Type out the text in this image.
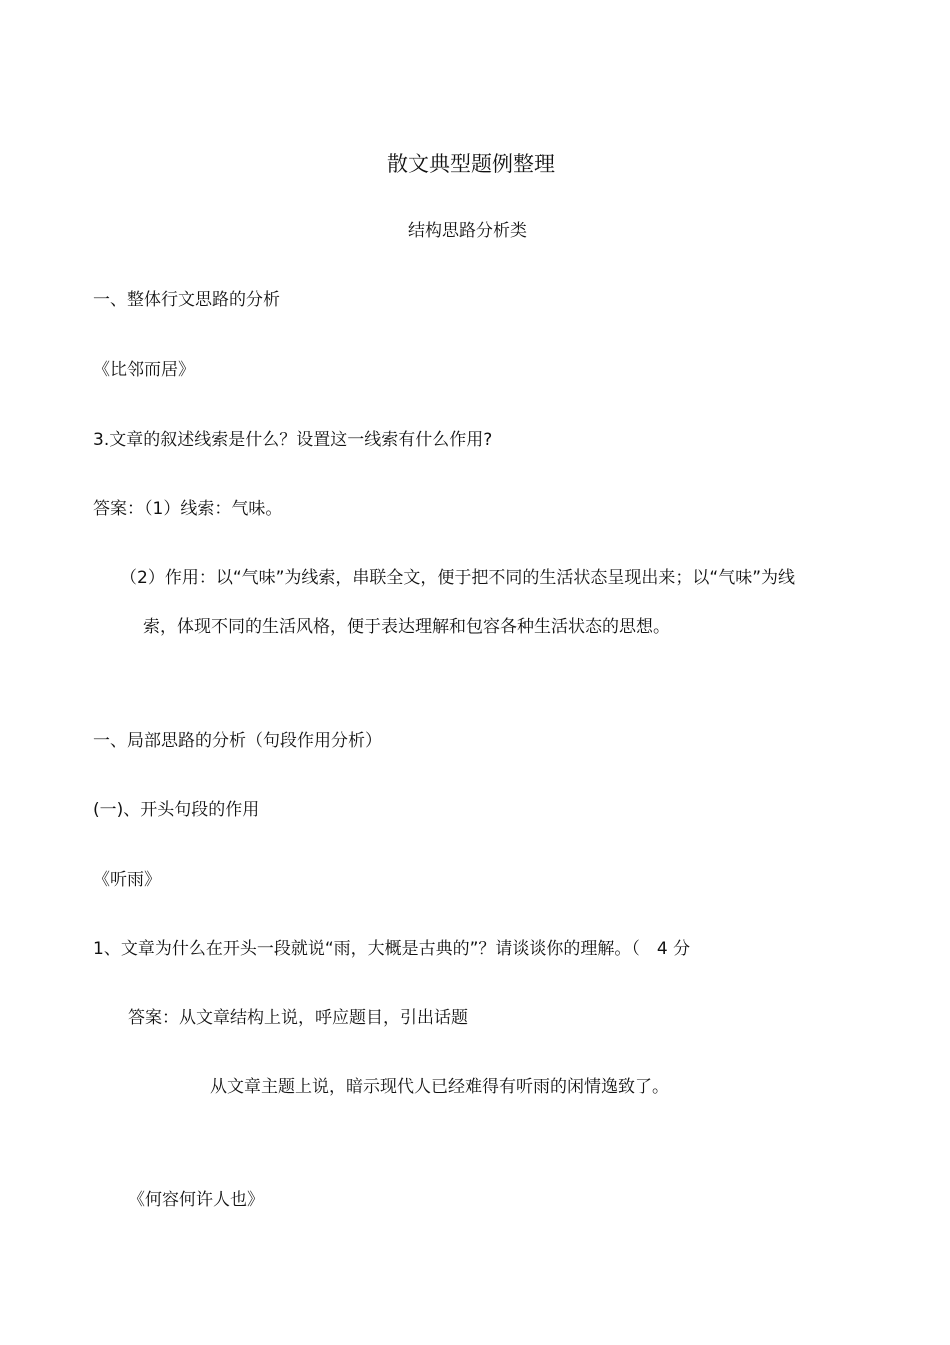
散文典型题例整理
结构思路分析类
一、整体行文思路的分析
《比邻而居》
3.文章的叙述线索是什么？设置这一线索有什么作用?
答案：（1）线索：气味。
（2）作用：以“气味”为线索，串联全文，便于把不同的生活状态呈现出来；以“气味”为线
索，体现不同的生活风格，便于表达理解和包容各种生活状态的思想。
一、局部思路的分析（句段作用分析）
(一)、开头句段的作用
《听雨》
1、文章为什么在开头一段就说“雨，大概是古典的”？请谈谈你的理解。（　4 分
答案：从文章结构上说，呼应题目，引出话题
从文章主题上说，暗示现代人已经难得有听雨的闲情逸致了。
《何容何许人也》
